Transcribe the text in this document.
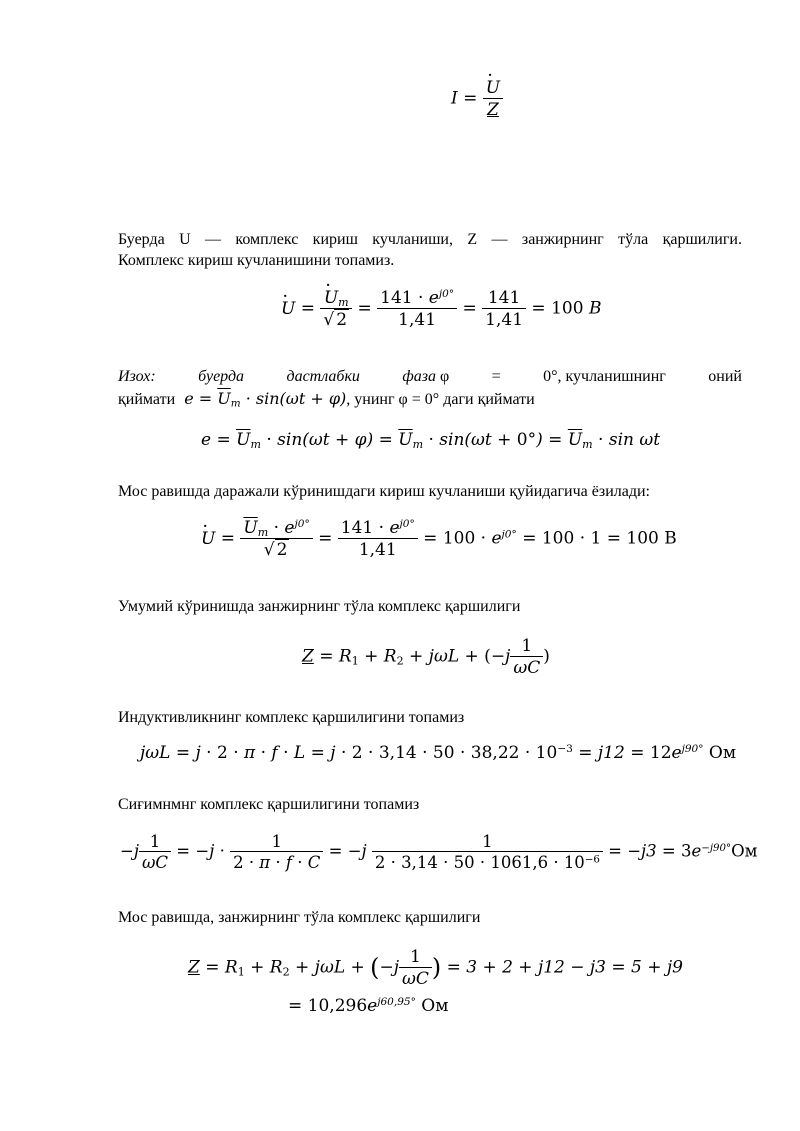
I = · $\frac{U}{Z}$
Буерда U — комплекс кириш кучланиши, Z — занжирнинг тўла қаршилиги.
Комплекс кириш кучланишини топамиз.
· U = · $\frac{U_m}{√ 2} = \frac{141 \cdot e^{j0^\circ}}{1,41} = \frac{141}{1,41} = 100$ B
Изох:	буерда	дастлабки	фаза φ	=	0°, кучланишнинг	оний
қиймати  $e = \overline{U}_m \cdot \sin(\omega t + \varphi)$, унинг φ = 0° даги қиймати
$e = \overline{U}_m \cdot \sin(\omega t + \varphi) = \overline{U}_m \cdot \sin(\omega t + 0^\circ) = \overline{U}_m \cdot \sin \omega t$
Мос равишда даражали кўринишдаги кириш кучланиши қуйидагича ёзилади:
· $U = \frac{\overline{U}_m \cdot e^{j0^\circ}}{√ 2} = \frac{141 \cdot e^{j0^\circ}}{1,41} = 100 \cdot e^{j0^\circ} = 100 \cdot 1 = 100$ В
Умумий кўринишда занжирнинг тўла комплекс қаршилиги
$Z = R_1 + R_2 + j\omega L + (-j \frac{1}{\omega C}$ )
Индуктивликнинг комплекс қаршилигини топамиз
$j\omega L = j \cdot 2 \cdot \pi \cdot f \cdot L = j \cdot 2 \cdot 3,14 \cdot 50 \cdot 38,22 \cdot 10^{-3} = j12 = 12e^{j90^\circ}$ Ом
Сиғимнмнг комплекс қаршилигини топамиз
$-j \frac{1}{\omega C} = -j \cdot \frac{1}{2 \cdot \pi \cdot f \cdot C} = -j \frac{1}{2 \cdot 3,14 \cdot 50 \cdot 1061,6 \cdot 10^{-6}} = -j3 = 3e^{-j90^\circ}Ом$
Мос равишда, занжирнинг тўла комплекс қаршилиги
$Z = R_1 + R_2 + j\omega L + (-j \frac{1}{\omega C}$ ) = 3 + 2 + j12 − j3 = 5 + j9
= $10,296e^{j60,95^\circ}$ Ом
